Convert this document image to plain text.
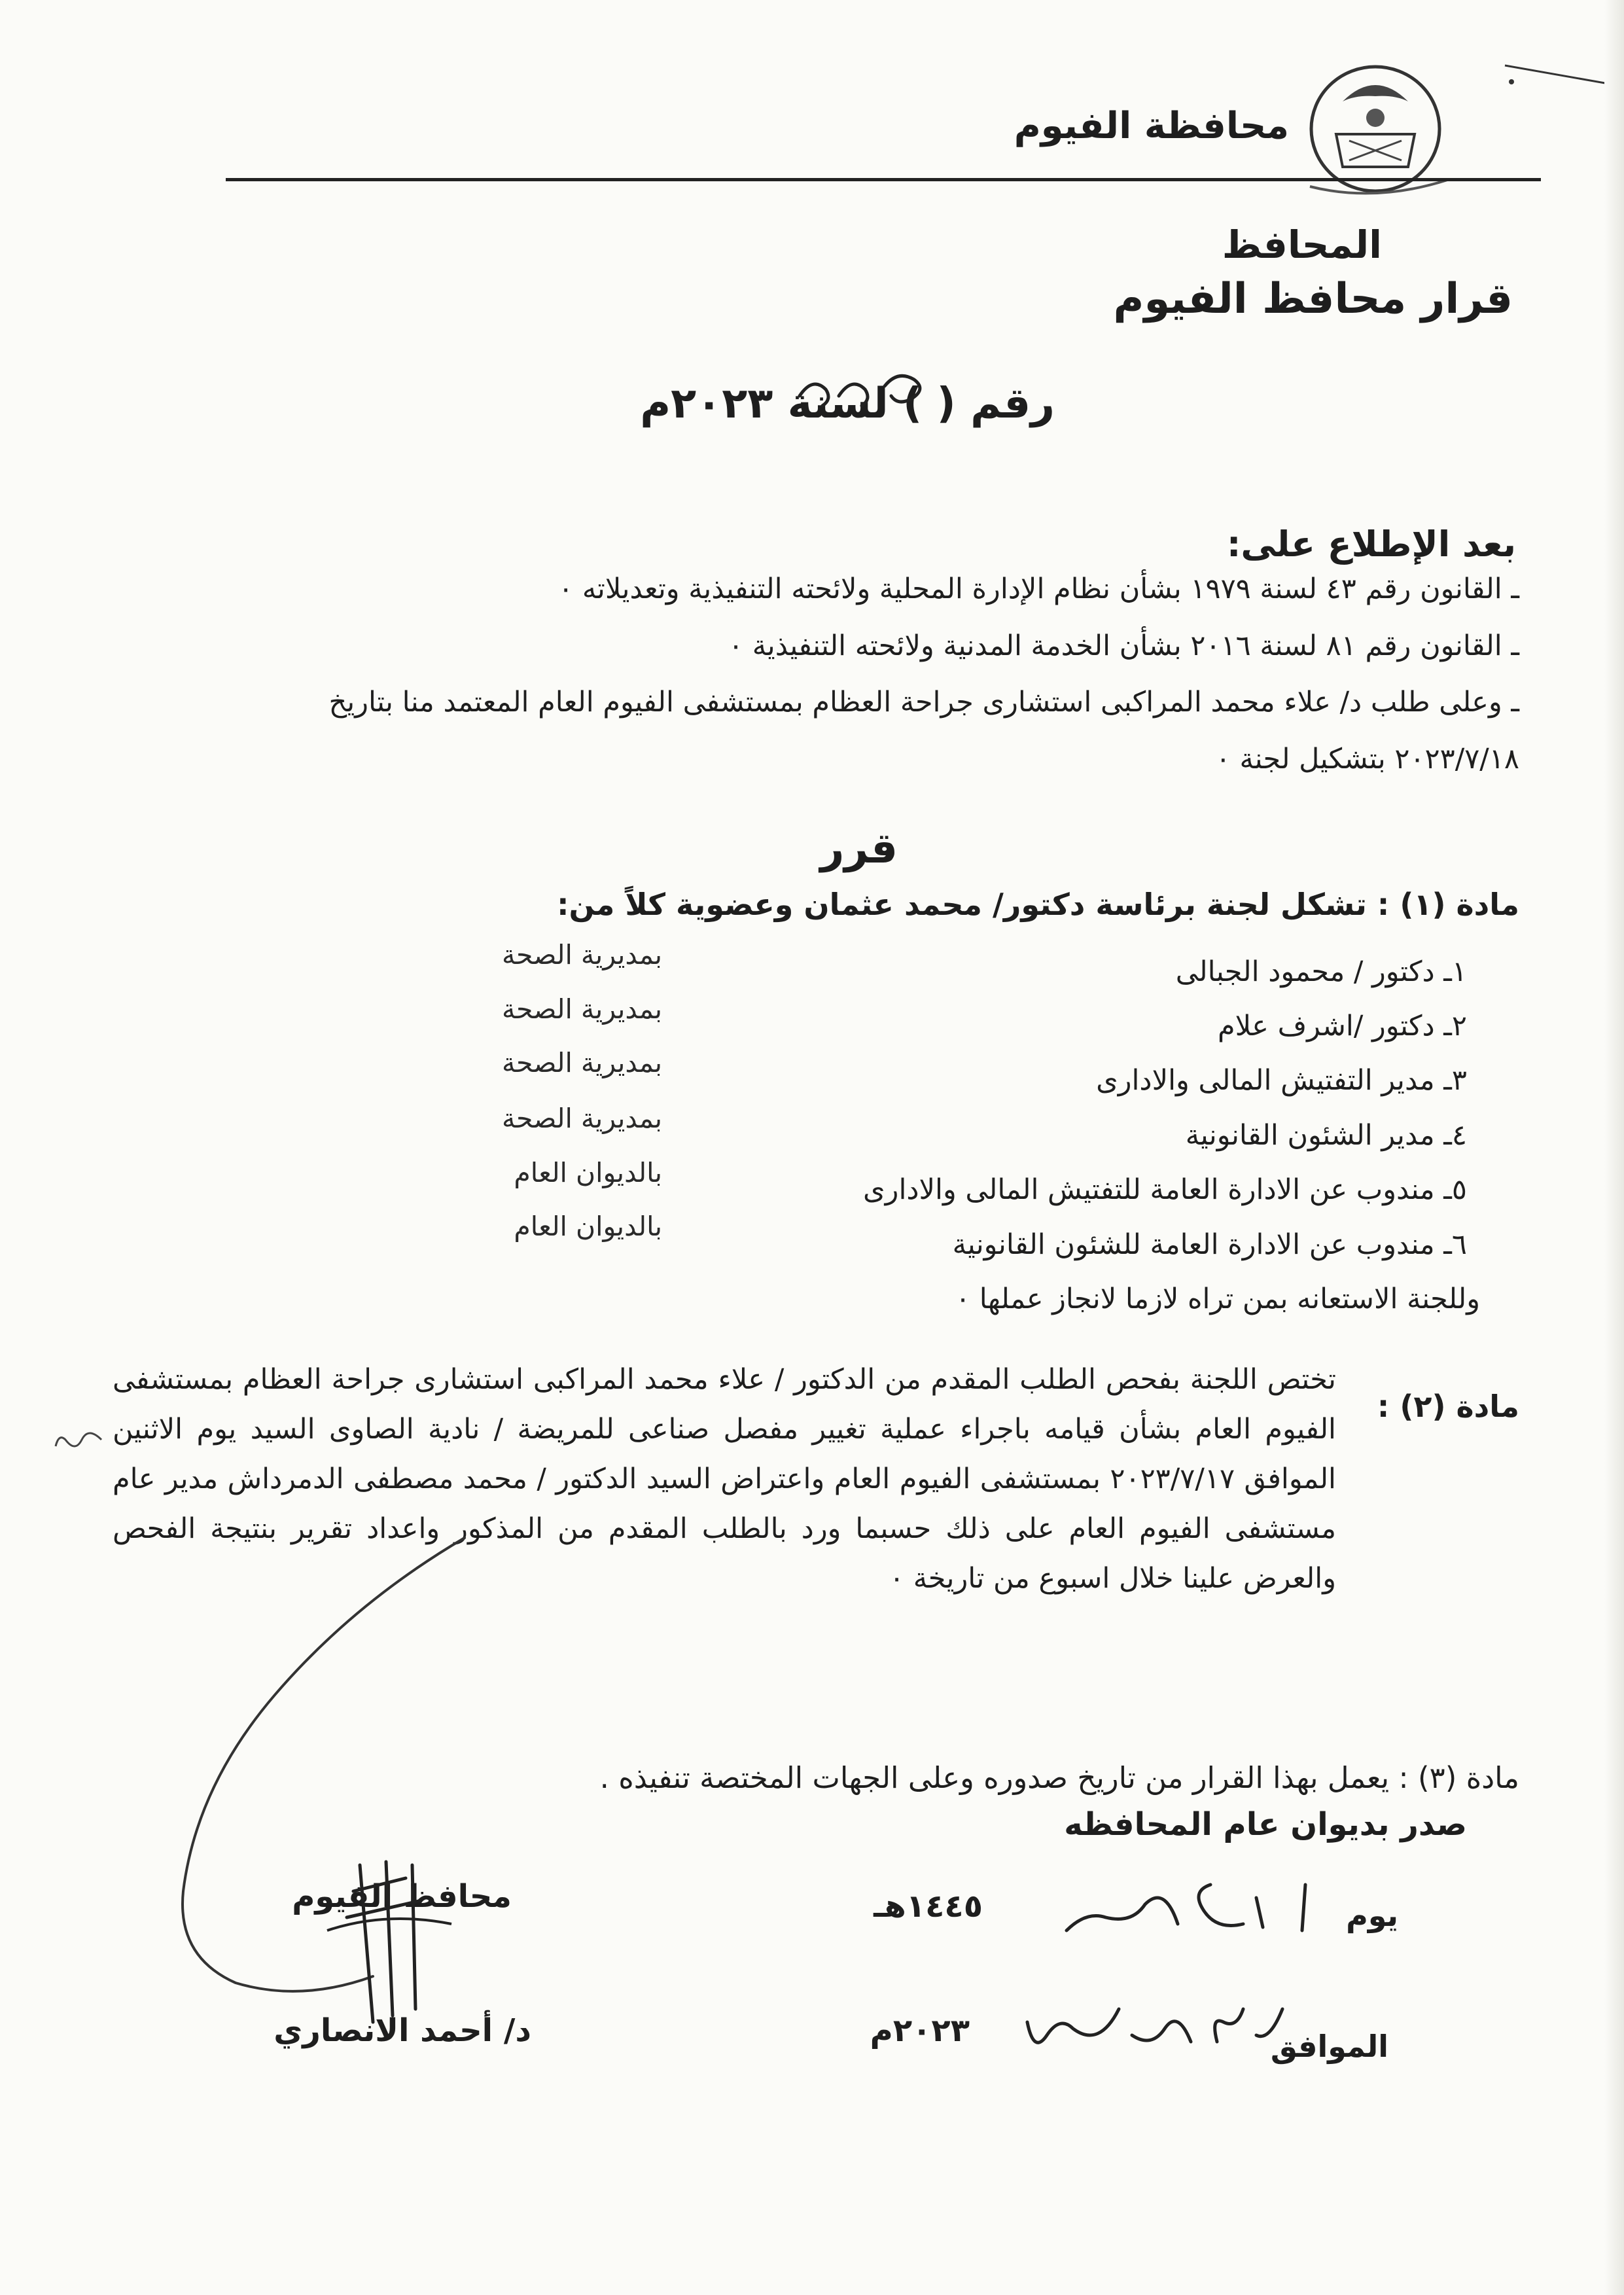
محافظة الفيوم
المحافظ
قرار محافظ الفيوم
رقم ( ) لسنة ٢٠٢٣م
بعد الإطلاع على:
ـ القانون رقم ٤٣ لسنة ١٩٧٩ بشأن نظام الإدارة المحلية ولائحته التنفيذية وتعديلاته ٠
ـ القانون رقم ٨١ لسنة ٢٠١٦ بشأن الخدمة المدنية ولائحته التنفيذية ٠
ـ وعلى طلب د/ علاء محمد المراكبى استشارى جراحة العظام بمستشفى الفيوم العام المعتمد منا بتاريخ
٢٠٢٣/٧/١٨ بتشكيل لجنة ٠
قرر
مادة (١) : تشكل لجنة برئاسة دكتور/ محمد عثمان وعضوية كلاً من:
١ـ دكتور / محمود الجبالى
بمديرية الصحة
٢ـ دكتور /اشرف علام
بمديرية الصحة
٣ـ مدير التفتيش المالى والادارى
بمديرية الصحة
٤ـ مدير الشئون القانونية
بمديرية الصحة
٥ـ مندوب عن الادارة العامة للتفتيش المالى والادارى
بالديوان العام
٦ـ مندوب عن الادارة العامة للشئون القانونية
بالديوان العام
وللجنة الاستعانه بمن تراه لازما لانجاز عملها ٠
مادة (٢) :
تختص اللجنة بفحص الطلب المقدم من الدكتور / علاء محمد المراكبى استشارى جراحة العظام بمستشفى الفيوم العام بشأن قيامه باجراء عملية تغيير مفصل صناعى للمريضة / نادية الصاوى السيد يوم الاثنين الموافق ٢٠٢٣/٧/١٧ بمستشفى الفيوم العام واعتراض السيد الدكتور / محمد مصطفى الدمرداش مدير عام مستشفى الفيوم العام على ذلك حسبما ورد بالطلب المقدم من المذكور واعداد تقرير بنتيجة الفحص والعرض علينا خلال اسبوع من تاريخة ٠
مادة (٣) : يعمل بهذا القرار من تاريخ صدوره وعلى الجهات المختصة تنفيذه .
صدر بديوان عام المحافظه
محافظ الفيوم
د/ أحمد الانصاري
يوم
١٤٤٥هـ
الموافق
٢٠٢٣م
